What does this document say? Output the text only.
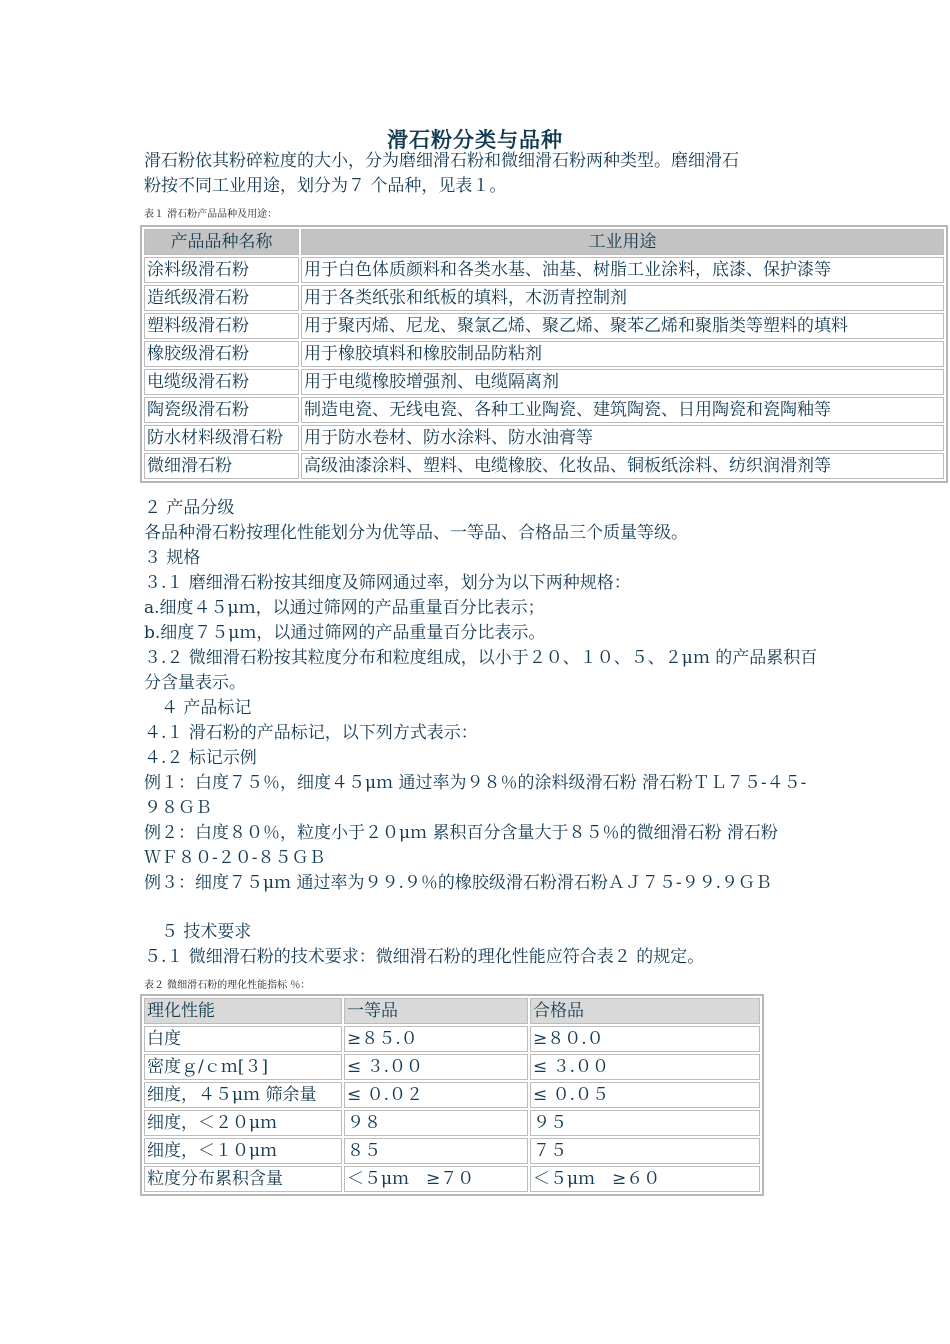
滑石粉分类与品种
滑石粉依其粉碎粒度的大小，分为磨细滑石粉和微细滑石粉两种类型。磨细滑石
粉按不同工业用途，划分为７ 个品种，见表１。
表１ 滑石粉产品品种及用途：
产品品种名称	工业用途
涂料级滑石粉	用于白色体质颜料和各类水基、油基、树脂工业涂料，底漆、保护漆等
造纸级滑石粉	用于各类纸张和纸板的填料，木沥青控制剂
塑料级滑石粉	用于聚丙烯、尼龙、聚氯乙烯、聚乙烯、聚苯乙烯和聚脂类等塑料的填料
橡胶级滑石粉	用于橡胶填料和橡胶制品防粘剂
电缆级滑石粉	用于电缆橡胶增强剂、电缆隔离剂
陶瓷级滑石粉	制造电瓷、无线电瓷、各种工业陶瓷、建筑陶瓷、日用陶瓷和瓷陶釉等
防水材料级滑石粉	用于防水卷材、防水涂料、防水油膏等
微细滑石粉	高级油漆涂料、塑料、电缆橡胶、化妆品、铜板纸涂料、纺织润滑剂等
２ 产品分级
各品种滑石粉按理化性能划分为优等品、一等品、合格品三个质量等级。
３ 规格
３.１ 磨细滑石粉按其细度及筛网通过率，划分为以下两种规格：
a.细度４５μｍ，以通过筛网的产品重量百分比表示；
b.细度７５μｍ，以通过筛网的产品重量百分比表示。
３.２ 微细滑石粉按其粒度分布和粒度组成，以小于２０、１０、５、２μｍ 的产品累积百
分含量表示。
　４ 产品标记
４.１ 滑石粉的产品标记，以下列方式表示：
４.２ 标记示例
例１：白度７５％，细度４５μｍ 通过率为９８％的涂料级滑石粉 滑石粉ＴＬ７５-４５-
９８ＧＢ
例２：白度８０％，粒度小于２０μｍ 累积百分含量大于８５％的微细滑石粉 滑石粉
ＷＦ８０-２０-８５ＧＢ
例３：细度７５μｍ 通过率为９９.９％的橡胶级滑石粉滑石粉ＡＪ７５-９９.９ＧＢ
　５ 技术要求
５.１ 微细滑石粉的技术要求：微细滑石粉的理化性能应符合表２ 的规定。
表２ 微细滑石粉的理化性能指标 ％：
理化性能	一等品	合格品
白度	≥８５.０	≥８０.０
密度ｇ/ｃｍ[３]	≤ ３.００	≤ ３.００
细度，４５μｍ 筛余量	≤ ０.０２	≤ ０.０５
细度，＜２０μｍ	９８	９５
细度，＜１０μｍ	８５	７５
粒度分布累积含量	＜５μｍ　≥７０	＜５μｍ　≥６０
